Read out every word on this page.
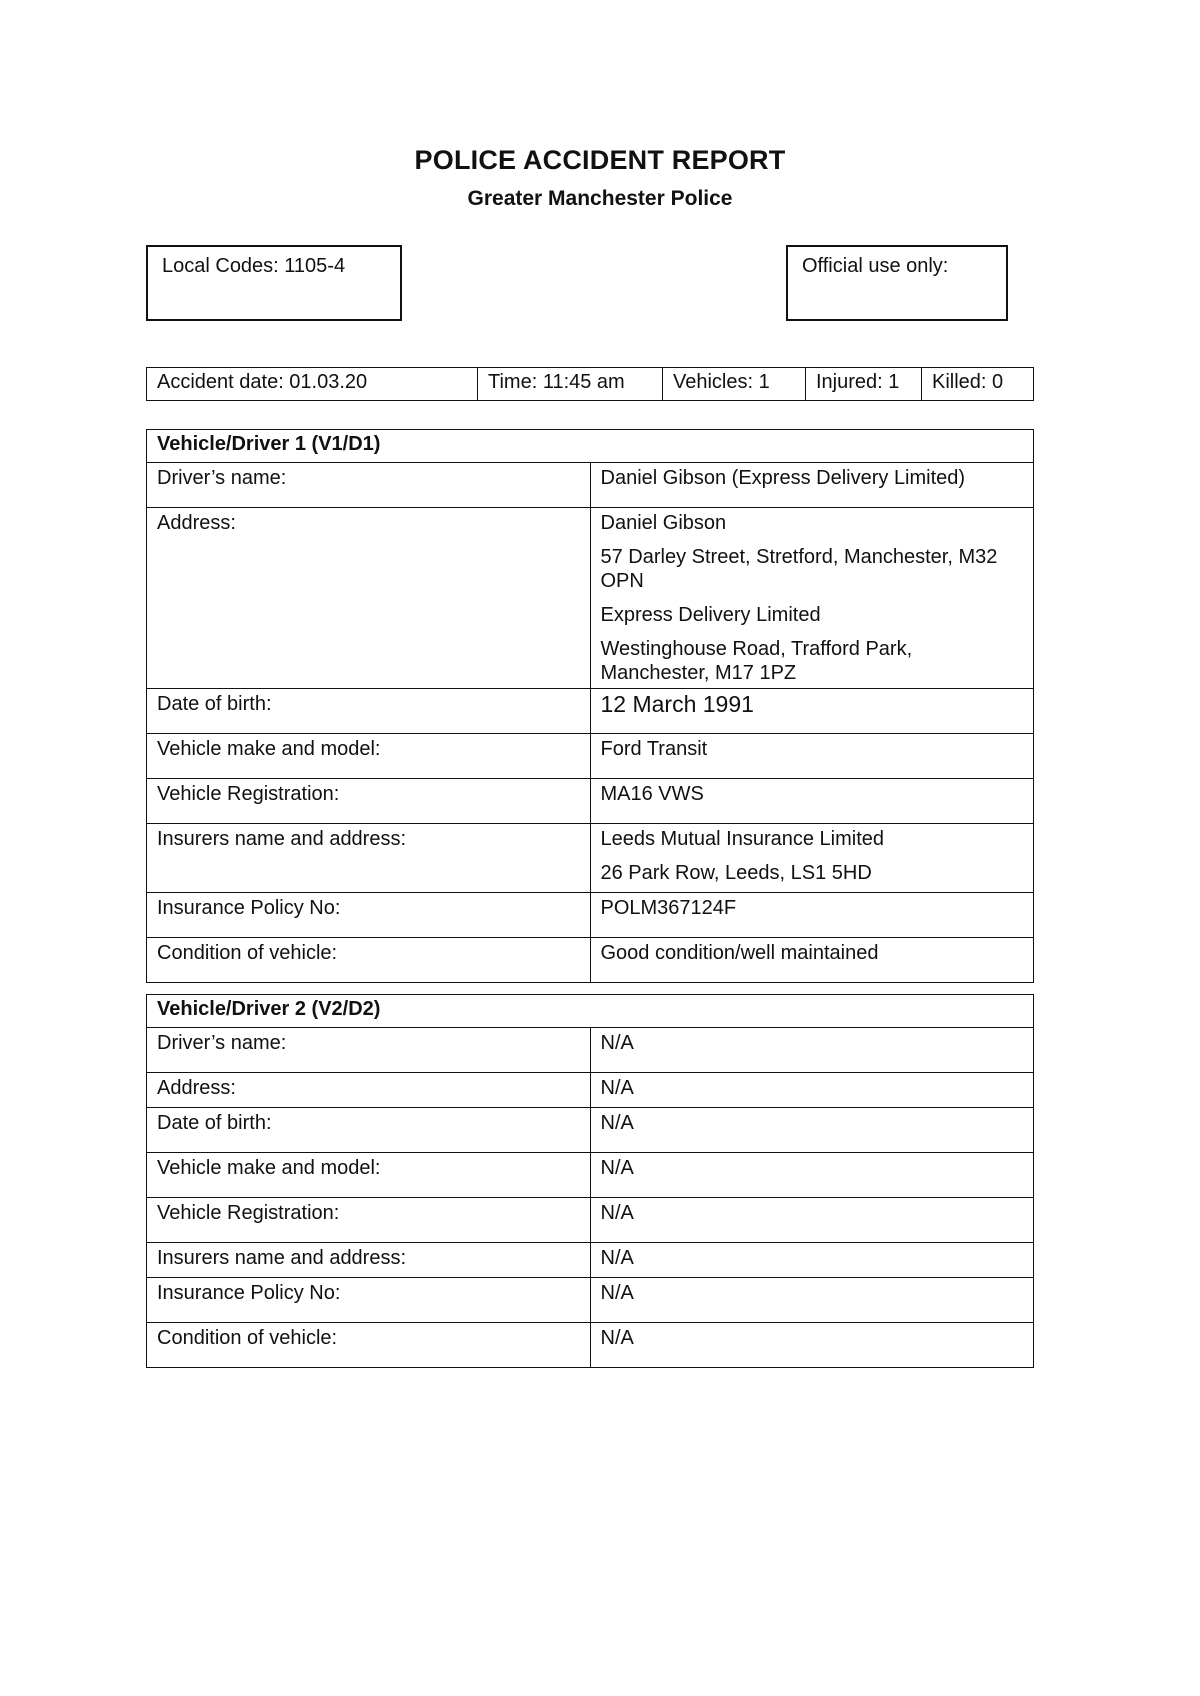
POLICE ACCIDENT REPORT
Greater Manchester Police
Local Codes: 1105-4	Official use only:
Accident date: 01.03.20	Time: 11:45 am	Vehicles: 1	Injured: 1	Killed: 0
Vehicle/Driver 1 (V1/D1)	
Driver’s name:	Daniel Gibson (Express Delivery Limited)
Address:	Daniel Gibson
57 Darley Street, Stretford, Manchester, M32 OPN
Express Delivery Limited
Westinghouse Road, Trafford Park, Manchester, M17 1PZ

Date of birth:	12 March 1991
Vehicle make and model:	Ford Transit
Vehicle Registration:	MA16 VWS
Insurers name and address:	Leeds Mutual Insurance Limited
26 Park Row, Leeds, LS1 5HD

Insurance Policy No:	POLM367124F
Condition of vehicle:	Good condition/well maintained
Vehicle/Driver 2 (V2/D2)	
Driver’s name:	N/A
Address:	N/A
Date of birth:	N/A
Vehicle make and model:	N/A
Vehicle Registration:	N/A
Insurers name and address:	N/A
Insurance Policy No:	N/A
Condition of vehicle:	N/A
